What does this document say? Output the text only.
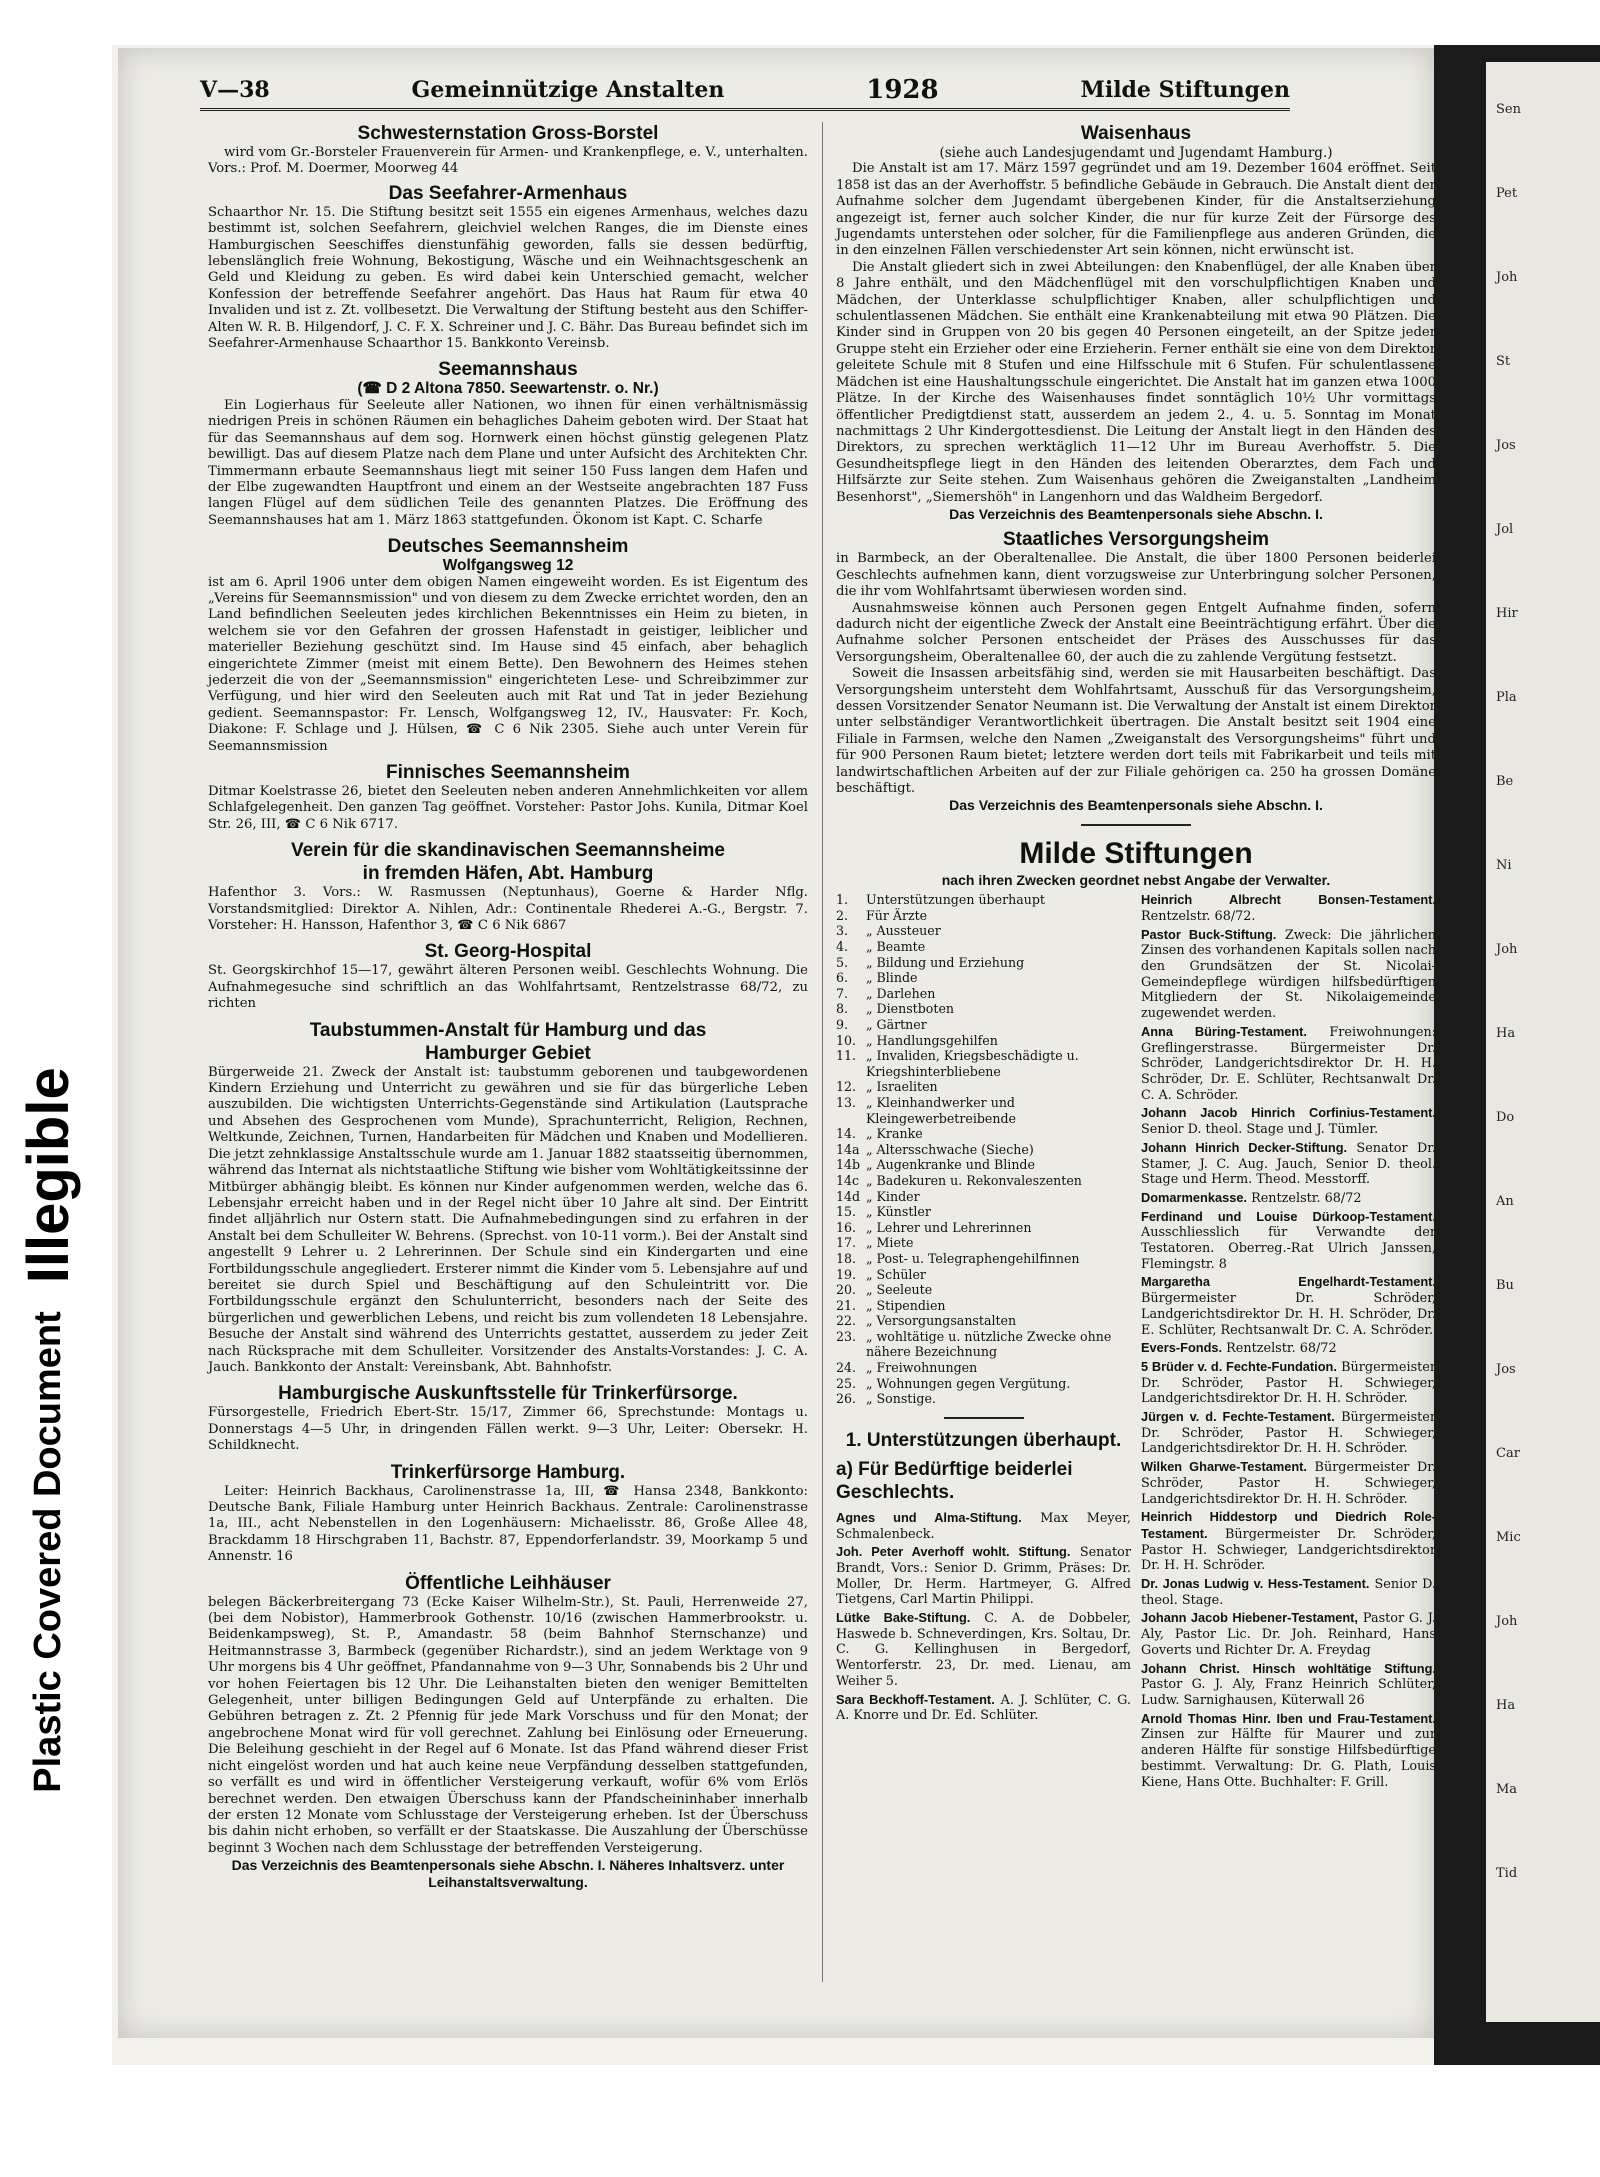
Sen
Pet
Joh
St
Jos
Jol
Hir
Pla
Be
Ni
Joh
Ha
Do
An
Bu
Jos
Car
Mic
Joh
Ha
Ma
Tid
Plastic Covered Document
Illegible
V—38	Gemeinnützige Anstalten	1928	Milde Stiftungen

Schwesternstation Gross-Borstel

wird vom Gr.-Borsteler Frauenverein für Armen- und Krankenpflege, e. V., unterhalten. Vors.: Prof. M. Doermer, Moorweg 44

Das Seefahrer-Armenhaus

Schaarthor Nr. 15. Die Stiftung besitzt seit 1555 ein eigenes Armenhaus, welches dazu bestimmt ist, solchen Seefahrern, gleichviel welchen Ranges, die im Dienste eines Hamburgischen Seeschiffes dienstunfähig geworden, falls sie dessen bedürftig, lebenslänglich freie Wohnung, Bekostigung, Wäsche und ein Weihnachtsgeschenk an Geld und Kleidung zu geben. Es wird dabei kein Unterschied gemacht, welcher Konfession der betreffende Seefahrer angehört. Das Haus hat Raum für etwa 40 Invaliden und ist z. Zt. vollbesetzt. Die Verwaltung der Stiftung besteht aus den Schiffer-Alten W. R. B. Hilgendorf, J. C. F. X. Schreiner und J. C. Bähr. Das Bureau befindet sich im Seefahrer-Armenhause Schaarthor 15. Bankkonto Vereinsb.

Seemannshaus

(☎ D 2 Altona 7850. Seewartenstr. o. Nr.)

Ein Logierhaus für Seeleute aller Nationen, wo ihnen für einen verhältnismässig niedrigen Preis in schönen Räumen ein behagliches Daheim geboten wird. Der Staat hat für das Seemannshaus auf dem sog. Hornwerk einen höchst günstig gelegenen Platz bewilligt. Das auf diesem Platze nach dem Plane und unter Aufsicht des Architekten Chr. Timmermann erbaute Seemannshaus liegt mit seiner 150 Fuss langen dem Hafen und der Elbe zugewandten Hauptfront und einem an der Westseite angebrachten 187 Fuss langen Flügel auf dem südlichen Teile des genannten Platzes. Die Eröffnung des Seemannshauses hat am 1. März 1863 stattgefunden. Ökonom ist Kapt. C. Scharfe

Deutsches Seemannsheim

Wolfgangsweg 12

ist am 6. April 1906 unter dem obigen Namen eingeweiht worden. Es ist Eigentum des „Vereins für Seemannsmission" und von diesem zu dem Zwecke errichtet worden, den an Land befindlichen Seeleuten jedes kirchlichen Bekenntnisses ein Heim zu bieten, in welchem sie vor den Gefahren der grossen Hafenstadt in geistiger, leiblicher und materieller Beziehung geschützt sind. Im Hause sind 45 einfach, aber behaglich eingerichtete Zimmer (meist mit einem Bette). Den Bewohnern des Heimes stehen jederzeit die von der „Seemannsmission" eingerichteten Lese- und Schreibzimmer zur Verfügung, und hier wird den Seeleuten auch mit Rat und Tat in jeder Beziehung gedient. Seemannspastor: Fr. Lensch, Wolfgangsweg 12, IV., Hausvater: Fr. Koch, Diakone: F. Schlage und J. Hülsen, ☎ C 6 Nik 2305. Siehe auch unter Verein für Seemannsmission

Finnisches Seemannsheim

Ditmar Koelstrasse 26, bietet den Seeleuten neben anderen Annehmlichkeiten vor allem Schlafgelegenheit. Den ganzen Tag geöffnet. Vorsteher: Pastor Johs. Kunila, Ditmar Koel Str. 26, III, ☎ C 6 Nik 6717.

Verein für die skandinavischen Seemannsheime

in fremden Häfen, Abt. Hamburg

Hafenthor 3. Vors.: W. Rasmussen (Neptunhaus), Goerne & Harder Nflg. Vorstandsmitglied: Direktor A. Nihlen, Adr.: Continentale Rhederei A.-G., Bergstr. 7. Vorsteher: H. Hansson, Hafenthor 3, ☎ C 6 Nik 6867

St. Georg-Hospital

St. Georgskirchhof 15—17, gewährt älteren Personen weibl. Geschlechts Wohnung. Die Aufnahmegesuche sind schriftlich an das Wohlfahrtsamt, Rentzelstrasse 68/72, zu richten

Taubstummen-Anstalt für Hamburg und das

Hamburger Gebiet

Bürgerweide 21. Zweck der Anstalt ist: taubstumm geborenen und taubgewordenen Kindern Erziehung und Unterricht zu gewähren und sie für das bürgerliche Leben auszubilden. Die wichtigsten Unterrichts-Gegenstände sind Artikulation (Lautsprache und Absehen des Gesprochenen vom Munde), Sprachunterricht, Religion, Rechnen, Weltkunde, Zeichnen, Turnen, Handarbeiten für Mädchen und Knaben und Modellieren. Die jetzt zehnklassige Anstaltsschule wurde am 1. Januar 1882 staatsseitig übernommen, während das Internat als nichtstaatliche Stiftung wie bisher vom Wohltätigkeitssinne der Mitbürger abhängig bleibt. Es können nur Kinder aufgenommen werden, welche das 6. Lebensjahr erreicht haben und in der Regel nicht über 10 Jahre alt sind. Der Eintritt findet alljährlich nur Ostern statt. Die Aufnahmebedingungen sind zu erfahren in der Anstalt bei dem Schulleiter W. Behrens. (Sprechst. von 10-11 vorm.). Bei der Anstalt sind angestellt 9 Lehrer u. 2 Lehrerinnen. Der Schule sind ein Kindergarten und eine Fortbildungsschule angegliedert. Ersterer nimmt die Kinder vom 5. Lebensjahre auf und bereitet sie durch Spiel und Beschäftigung auf den Schuleintritt vor. Die Fortbildungsschule ergänzt den Schulunterricht, besonders nach der Seite des bürgerlichen und gewerblichen Lebens, und reicht bis zum vollendeten 18 Lebensjahre. Besuche der Anstalt sind während des Unterrichts gestattet, ausserdem zu jeder Zeit nach Rücksprache mit dem Schulleiter. Vorsitzender des Anstalts-Vorstandes: J. C. A. Jauch. Bankkonto der Anstalt: Vereinsbank, Abt. Bahnhofstr.

Hamburgische Auskunftsstelle für Trinkerfürsorge.

Fürsorgestelle, Friedrich Ebert-Str. 15/17, Zimmer 66, Sprechstunde: Montags u. Donnerstags 4—5 Uhr, in dringenden Fällen werkt. 9—3 Uhr, Leiter: Obersekr. H. Schildknecht.

Trinkerfürsorge Hamburg.

Leiter: Heinrich Backhaus, Carolinenstrasse 1a, III, ☎ Hansa 2348, Bankkonto: Deutsche Bank, Filiale Hamburg unter Heinrich Backhaus. Zentrale: Carolinenstrasse 1a, III., acht Nebenstellen in den Logenhäusern: Michaelisstr. 86, Große Allee 48, Brackdamm 18 Hirschgraben 11, Bachstr. 87, Eppendorferlandstr. 39, Moorkamp 5 und Annenstr. 16

Öffentliche Leihhäuser

belegen Bäckerbreitergang 73 (Ecke Kaiser Wilhelm-Str.), St. Pauli, Herrenweide 27, (bei dem Nobistor), Hammerbrook Gothenstr. 10/16 (zwischen Hammerbrookstr. u. Beidenkampsweg), St. P., Amandastr. 58 (beim Bahnhof Sternschanze) und Heitmannstrasse 3, Barmbeck (gegenüber Richardstr.), sind an jedem Werktage von 9 Uhr morgens bis 4 Uhr geöffnet, Pfandannahme von 9—3 Uhr, Sonnabends bis 2 Uhr und vor hohen Feiertagen bis 12 Uhr. Die Leihanstalten bieten den weniger Bemittelten Gelegenheit, unter billigen Bedingungen Geld auf Unterpfände zu erhalten. Die Gebühren betragen z. Zt. 2 Pfennig für jede Mark Vorschuss und für den Monat; der angebrochene Monat wird für voll gerechnet. Zahlung bei Einlösung oder Erneuerung. Die Beleihung geschieht in der Regel auf 6 Monate. Ist das Pfand während dieser Frist nicht eingelöst worden und hat auch keine neue Verpfändung desselben stattgefunden, so verfällt es und wird in öffentlicher Versteigerung verkauft, wofür 6% vom Erlös berechnet werden. Den etwaigen Überschuss kann der Pfandscheininhaber innerhalb der ersten 12 Monate vom Schlusstage der Versteigerung erheben. Ist der Überschuss bis dahin nicht erhoben, so verfällt er der Staatskasse. Die Auszahlung der Überschüsse beginnt 3 Wochen nach dem Schlusstage der betreffenden Versteigerung.

Das Verzeichnis des Beamtenpersonals siehe Abschn. I. Näheres Inhaltsverz. unter Leihanstaltsverwaltung.

Waisenhaus

(siehe auch Landesjugendamt und Jugendamt Hamburg.)

Die Anstalt ist am 17. März 1597 gegründet und am 19. Dezember 1604 eröffnet. Seit 1858 ist das an der Averhoffstr. 5 befindliche Gebäude in Gebrauch. Die Anstalt dient der Aufnahme solcher dem Jugendamt übergebenen Kinder, für die Anstaltserziehung angezeigt ist, ferner auch solcher Kinder, die nur für kurze Zeit der Fürsorge des Jugendamts unterstehen oder solcher, für die Familienpflege aus anderen Gründen, die in den einzelnen Fällen verschiedenster Art sein können, nicht erwünscht ist.

Die Anstalt gliedert sich in zwei Abteilungen: den Knabenflügel, der alle Knaben über 8 Jahre enthält, und den Mädchenflügel mit den vorschulpflichtigen Knaben und Mädchen, der Unterklasse schulpflichtiger Knaben, aller schulpflichtigen und schulentlassenen Mädchen. Sie enthält eine Krankenabteilung mit etwa 90 Plätzen. Die Kinder sind in Gruppen von 20 bis gegen 40 Personen eingeteilt, an der Spitze jeder Gruppe steht ein Erzieher oder eine Erzieherin. Ferner enthält sie eine von dem Direktor geleitete Schule mit 8 Stufen und eine Hilfsschule mit 6 Stufen. Für schulentlassene Mädchen ist eine Haushaltungsschule eingerichtet. Die Anstalt hat im ganzen etwa 1000 Plätze. In der Kirche des Waisenhauses findet sonntäglich 10½ Uhr vormittags öffentlicher Predigtdienst statt, ausserdem an jedem 2., 4. u. 5. Sonntag im Monat nachmittags 2 Uhr Kindergottesdienst. Die Leitung der Anstalt liegt in den Händen des Direktors, zu sprechen werktäglich 11—12 Uhr im Bureau Averhoffstr. 5. Die Gesundheitspflege liegt in den Händen des leitenden Oberarztes, dem Fach und Hilfsärzte zur Seite stehen. Zum Waisenhaus gehören die Zweiganstalten „Landheim Besenhorst", „Siemershöh" in Langenhorn und das Waldheim Bergedorf.

Das Verzeichnis des Beamtenpersonals siehe Abschn. I.

Staatliches Versorgungsheim

in Barmbeck, an der Oberaltenallee. Die Anstalt, die über 1800 Personen beiderlei Geschlechts aufnehmen kann, dient vorzugsweise zur Unterbringung solcher Personen, die ihr vom Wohlfahrtsamt überwiesen worden sind.

Ausnahmsweise können auch Personen gegen Entgelt Aufnahme finden, sofern dadurch nicht der eigentliche Zweck der Anstalt eine Beeinträchtigung erfährt. Über die Aufnahme solcher Personen entscheidet der Präses des Ausschusses für das Versorgungsheim, Oberaltenallee 60, der auch die zu zahlende Vergütung festsetzt.

Soweit die Insassen arbeitsfähig sind, werden sie mit Hausarbeiten beschäftigt. Das Versorgungsheim untersteht dem Wohlfahrtsamt, Ausschuß für das Versorgungsheim, dessen Vorsitzender Senator Neumann ist. Die Verwaltung der Anstalt ist einem Direktor unter selbständiger Verantwortlichkeit übertragen. Die Anstalt besitzt seit 1904 eine Filiale in Farmsen, welche den Namen „Zweiganstalt des Versorgungsheims" führt und für 900 Personen Raum bietet; letztere werden dort teils mit Fabrikarbeit und teils mit landwirtschaftlichen Arbeiten auf der zur Filiale gehörigen ca. 250 ha grossen Domäne beschäftigt.

Das Verzeichnis des Beamtenpersonals siehe Abschn. I.

Milde Stiftungen

nach ihren Zwecken geordnet nebst Angabe der Verwalter.

1.	Unterstützungen überhaupt
2.	Für Ärzte
3.	„ Aussteuer
4.	„ Beamte
5.	„ Bildung und Erziehung
6.	„ Blinde
7.	„ Darlehen
8.	„ Dienstboten
9.	„ Gärtner
10. „ Handlungsgehilfen
11. „ Invaliden, Kriegsbeschädigte u. Kriegshinterbliebene
12. „ Israeliten
13. „ Kleinhandwerker und Kleingewerbetreibende
14. „ Kranke
14a „ Altersschwache (Sieche)
14b „ Augenkranke und Blinde
14c „ Badekuren u. Rekonvaleszenten
14d „ Kinder
15. „ Künstler
16. „ Lehrer und Lehrerinnen
17. „ Miete
18. „ Post- u. Telegraphengehilfinnen
19. „ Schüler
20. „ Seeleute
21. „ Stipendien
22. „ Versorgungsanstalten
23. „ wohltätige u. nützliche Zwecke ohne nähere Bezeichnung
24. „ Freiwohnungen
25. „ Wohnungen gegen Vergütung.
26. „ Sonstige.

1. Unterstützungen überhaupt.

a) Für Bedürftige beiderlei Geschlechts.

Agnes und Alma-Stiftung. Max Meyer, Schmalenbeck.

Joh. Peter Averhoff wohlt. Stiftung. Senator Brandt, Vors.: Senior D. Grimm, Präses: Dr. Moller, Dr. Herm. Hartmeyer, G. Alfred Tietgens, Carl Martin Philippi.

Lütke Bake-Stiftung. C. A. de Dobbeler, Haswede b. Schneverdingen, Krs. Soltau, Dr. C. G. Kellinghusen in Bergedorf, Wentorferstr. 23, Dr. med. Lienau, am Weiher 5.

Sara Beckhoff-Testament. A. J. Schlüter, C. G. A. Knorre und Dr. Ed. Schlüter.

Heinrich Albrecht Bonsen-Testament. Rentzelstr. 68/72.

Pastor Buck-Stiftung. Zweck: Die jährlichen Zinsen des vorhandenen Kapitals sollen nach den Grundsätzen der St. Nicolai-Gemeindepflege würdigen hilfsbedürftigen Mitgliedern der St. Nikolaigemeinde zugewendet werden.

Anna Büring-Testament. Freiwohnungen: Greflingerstrasse. Bürgermeister Dr. Schröder, Landgerichtsdirektor Dr. H. H. Schröder, Dr. E. Schlüter, Rechtsanwalt Dr. C. A. Schröder.

Johann Jacob Hinrich Corfinius-Testament. Senior D. theol. Stage und J. Tümler.

Johann Hinrich Decker-Stiftung. Senator Dr. Stamer, J. C. Aug. Jauch, Senior D. theol. Stage und Herm. Theod. Messtorff.

Domarmenkasse. Rentzelstr. 68/72

Ferdinand und Louise Dürkoop-Testament. Ausschliesslich für Verwandte der Testatoren. Oberreg.-Rat Ulrich Janssen, Flemingstr. 8

Margaretha Engelhardt-Testament. Bürgermeister Dr. Schröder, Landgerichtsdirektor Dr. H. H. Schröder, Dr. E. Schlüter, Rechtsanwalt Dr. C. A. Schröder.

Evers-Fonds. Rentzelstr. 68/72

5 Brüder v. d. Fechte-Fundation. Bürgermeister Dr. Schröder, Pastor H. Schwieger, Landgerichtsdirektor Dr. H. H. Schröder.

Jürgen v. d. Fechte-Testament. Bürgermeister Dr. Schröder, Pastor H. Schwieger, Landgerichtsdirektor Dr. H. H. Schröder.

Wilken Gharwe-Testament. Bürgermeister Dr. Schröder, Pastor H. Schwieger, Landgerichtsdirektor Dr. H. H. Schröder.

Heinrich Hiddestorp und Diedrich Role-Testament. Bürgermeister Dr. Schröder, Pastor H. Schwieger, Landgerichtsdirektor Dr. H. H. Schröder.

Dr. Jonas Ludwig v. Hess-Testament. Senior D. theol. Stage.

Johann Jacob Hiebener-Testament, Pastor G. J. Aly, Pastor Lic. Dr. Joh. Reinhard, Hans Goverts und Richter Dr. A. Freydag

Johann Christ. Hinsch wohltätige Stiftung. Pastor G. J. Aly, Franz Heinrich Schlüter, Ludw. Sarnighausen, Küterwall 26

Arnold Thomas Hinr. Iben und Frau-Testament. Zinsen zur Hälfte für Maurer und zur anderen Hälfte für sonstige Hilfsbedürftige bestimmt. Verwaltung: Dr. G. Plath, Louis Kiene, Hans Otte. Buchhalter: F. Grill.
